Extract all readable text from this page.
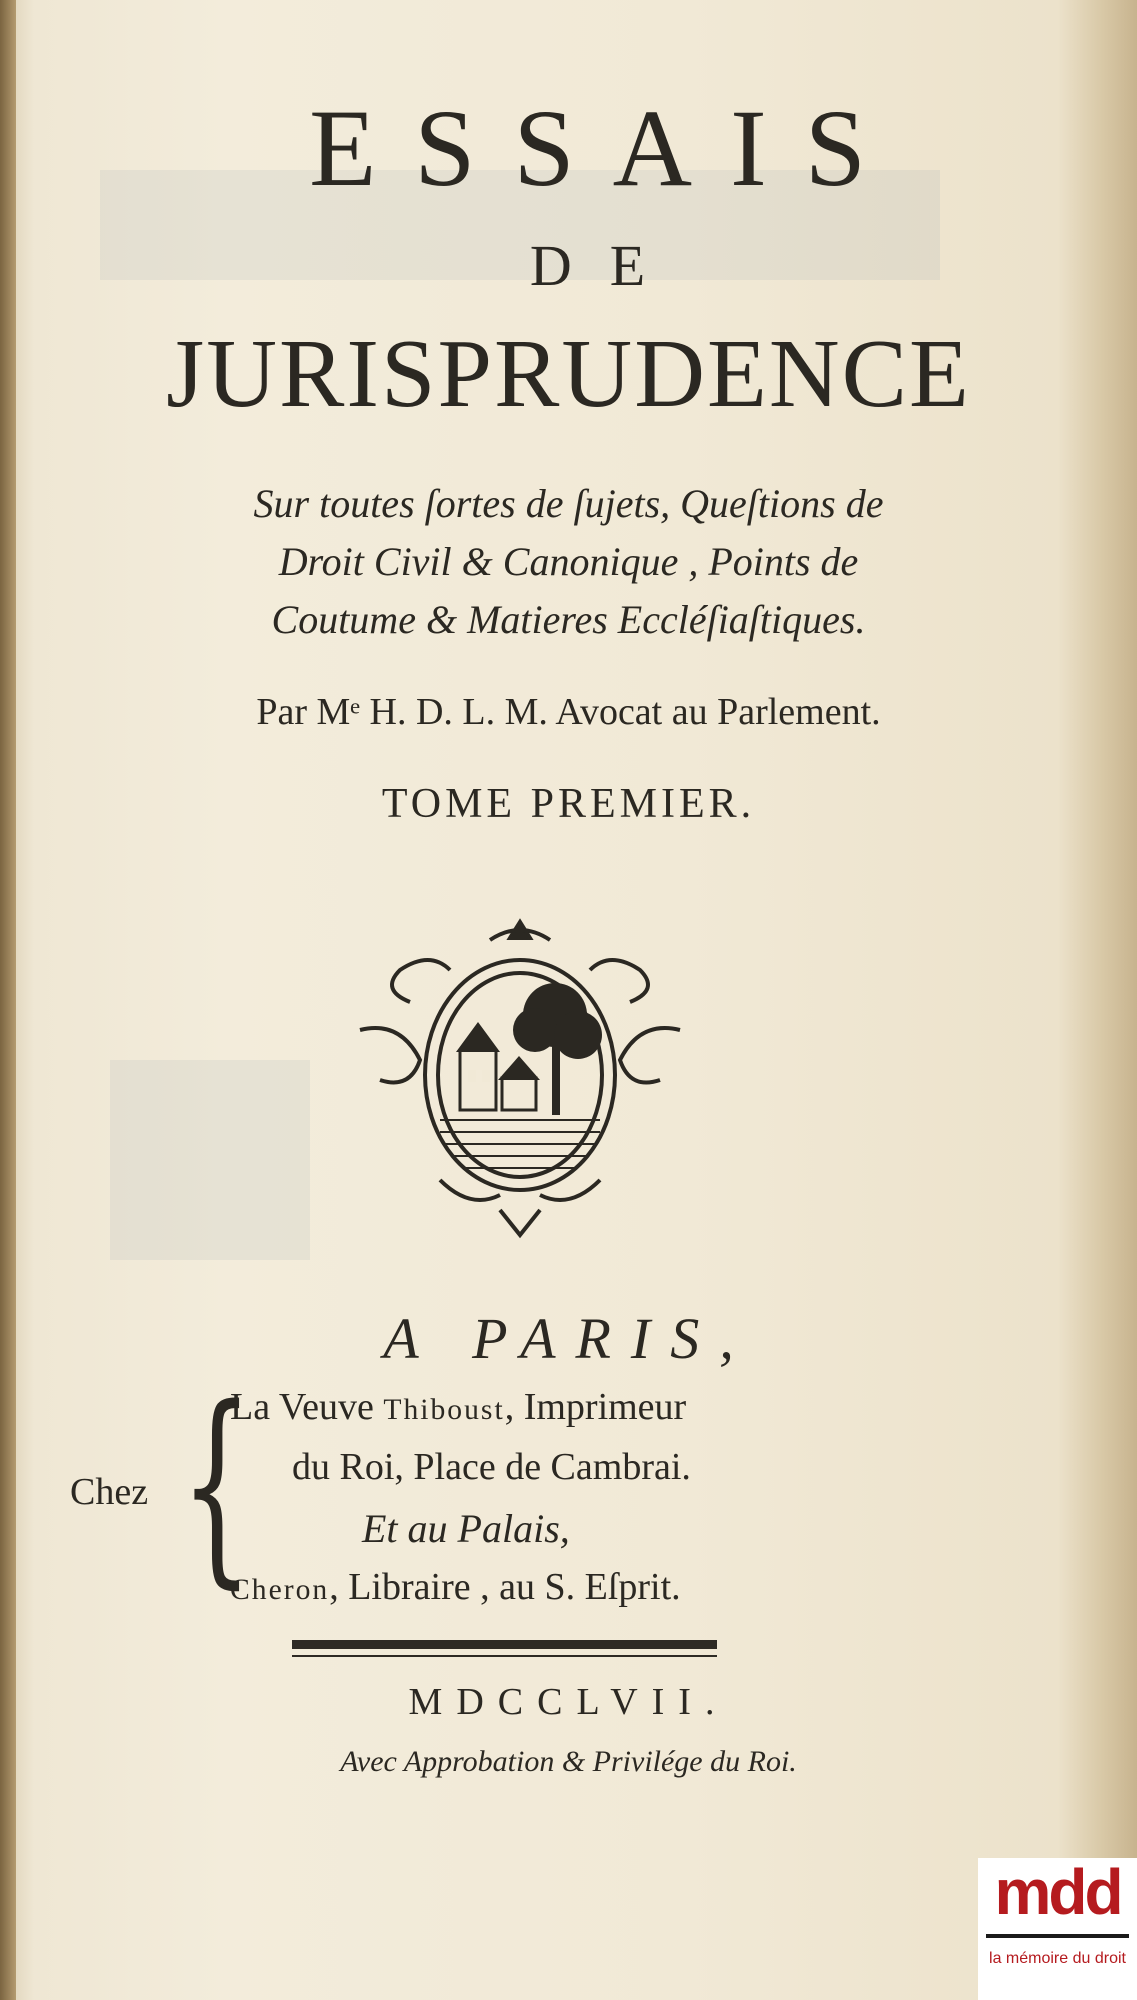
ESSAIS
DE
JURISPRUDENCE
Sur toutes ſortes de ſujets, Queſtions de
Droit Civil & Canonique , Points de
Coutume & Matieres Eccléſiaſtiques.
Par Mᵉ H. D. L. M. Avocat au Parlement.
TOME PREMIER.
A PARIS,
Chez {
La Veuve Thiboust, Imprimeur
du Roi, Place de Cambrai.
Et au Palais,
Cheron, Libraire , au S. Eſprit.
MDCCLVII.
Avec Approbation & Privilége du Roi.
mdd
la mémoire du droit
